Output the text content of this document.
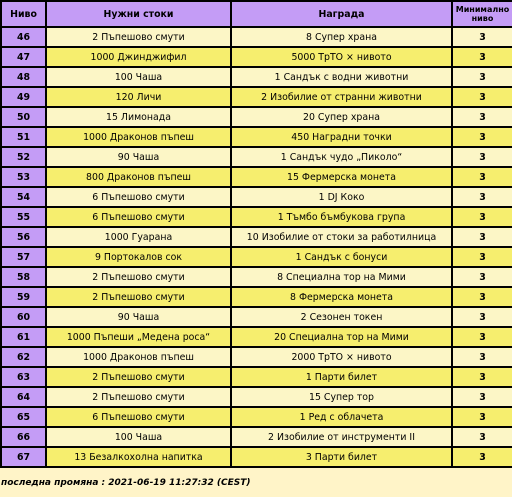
Ниво	Нужни стоки	Награда	Минимално ниво
46	2 Пъпешово смути	8 Супер храна	3
47	1000 Джинджифил	5000 ТрТО × нивото	3
48	100 Чаша	1 Сандък с водни животни	3
49	120 Личи	2 Изобилие от странни животни	3
50	15 Лимонада	20 Супер храна	3
51	1000 Драконов пъпеш	450 Наградни точки	3
52	90 Чаша	1 Сандък чудо „Пиколо“	3
53	800 Драконов пъпеш	15 Фермерска монета	3
54	6 Пъпешово смути	1 DJ Коко	3
55	6 Пъпешово смути	1 Тъмбо бъмбукова група	3
56	1000 Гуарана	10 Изобилие от стоки за работилница	3
57	9 Портокалов сок	1 Сандък с бонуси	3
58	2 Пъпешово смути	8 Специална тор на Мими	3
59	2 Пъпешово смути	8 Фермерска монета	3
60	90 Чаша	2 Сезонен токен	3
61	1000 Пъпеши „Медена роса“	20 Специална тор на Мими	3
62	1000 Драконов пъпеш	2000 ТрТО × нивото	3
63	2 Пъпешово смути	1 Парти билет	3
64	2 Пъпешово смути	15 Супер тор	3
65	6 Пъпешово смути	1 Ред с облачета	3
66	100 Чаша	2 Изобилие от инструменти II	3
67	13 Безалкохолна напитка	3 Парти билет	3
последна промяна : 2021-06-19 11:27:32 (CEST)
